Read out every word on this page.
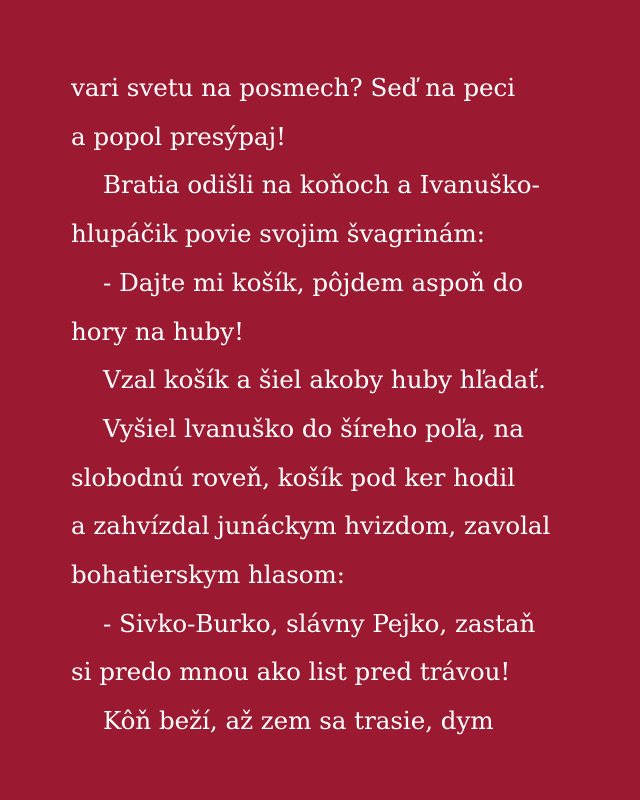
vari svetu na posmech? Seď na peci
a popol presýpaj!
Bratia odišli na koňoch a Ivanuško-
hlupáčik povie svojim švagrinám:
- Dajte mi košík, pôjdem aspoň do
hory na huby!
Vzal košík a šiel akoby huby hľadať.
Vyšiel lvanuško do šíreho poľa, na
slobodnú roveň, košík pod ker hodil
a zahvízdal junáckym hvizdom, zavolal
bohatierskym hlasom:
- Sivko-Burko, slávny Pejko, zastaň
si predo mnou ako list pred trávou!
Kôň beží, až zem sa trasie, dym
